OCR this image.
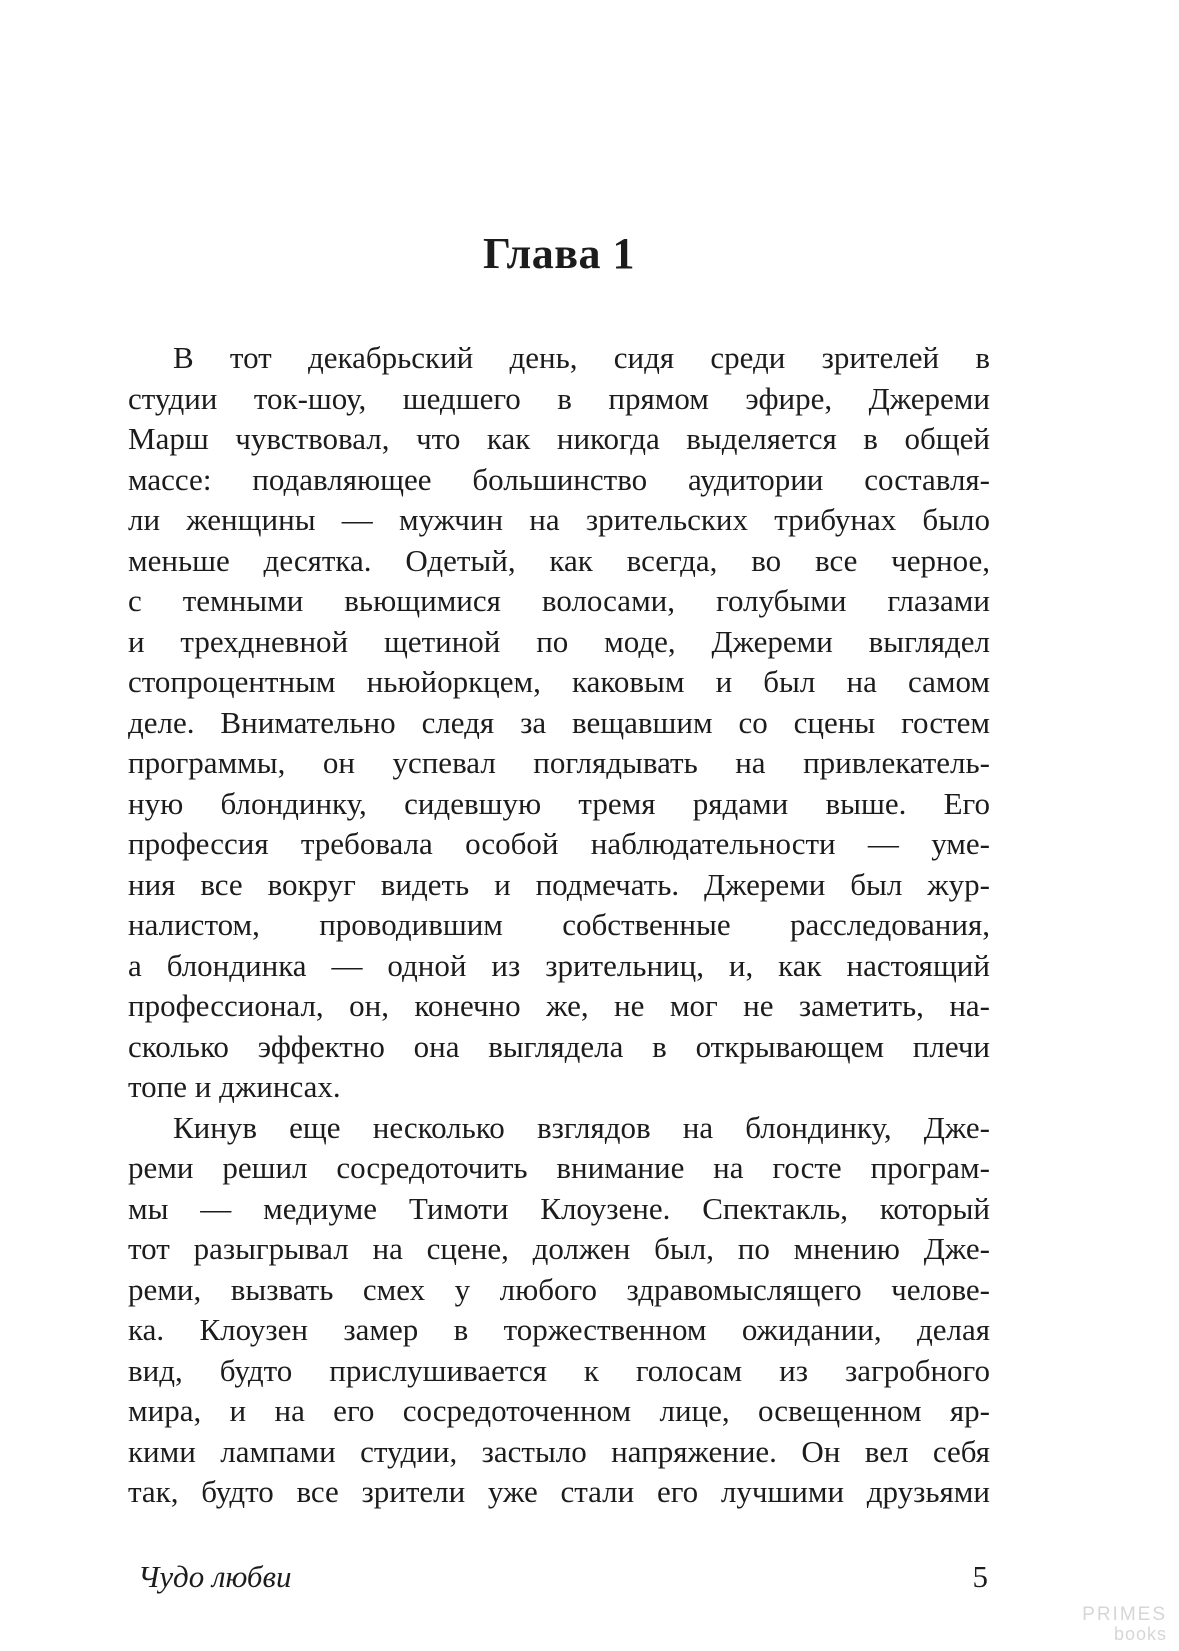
Глава 1
В тот декабрьский день, сидя среди зрителей в
студии ток-шоу, шедшего в прямом эфире, Джереми
Марш чувствовал, что как никогда выделяется в общей
массе: подавляющее большинство аудитории составля-
ли женщины — мужчин на зрительских трибунах было
меньше десятка. Одетый, как всегда, во все черное,
с темными вьющимися волосами, голубыми глазами
и трехдневной щетиной по моде, Джереми выглядел
стопроцентным ньюйоркцем, каковым и был на самом
деле. Внимательно следя за вещавшим со сцены гостем
программы, он успевал поглядывать на привлекатель-
ную блондинку, сидевшую тремя рядами выше. Его
профессия требовала особой наблюдательности — уме-
ния все вокруг видеть и подмечать. Джереми был жур-
налистом, проводившим собственные расследования,
а блондинка — одной из зрительниц, и, как настоящий
профессионал, он, конечно же, не мог не заметить, на-
сколько эффектно она выглядела в открывающем плечи
топе и джинсах.
Кинув еще несколько взглядов на блондинку, Дже-
реми решил сосредоточить внимание на госте програм-
мы — медиуме Тимоти Клоузене. Спектакль, который
тот разыгрывал на сцене, должен был, по мнению Дже-
реми, вызвать смех у любого здравомыслящего челове-
ка. Клоузен замер в торжественном ожидании, делая
вид, будто прислушивается к голосам из загробного
мира, и на его сосредоточенном лице, освещенном яр-
кими лампами студии, застыло напряжение. Он вел себя
так, будто все зрители уже стали его лучшими друзьями
Чудо любви	5
PRIMES
books
